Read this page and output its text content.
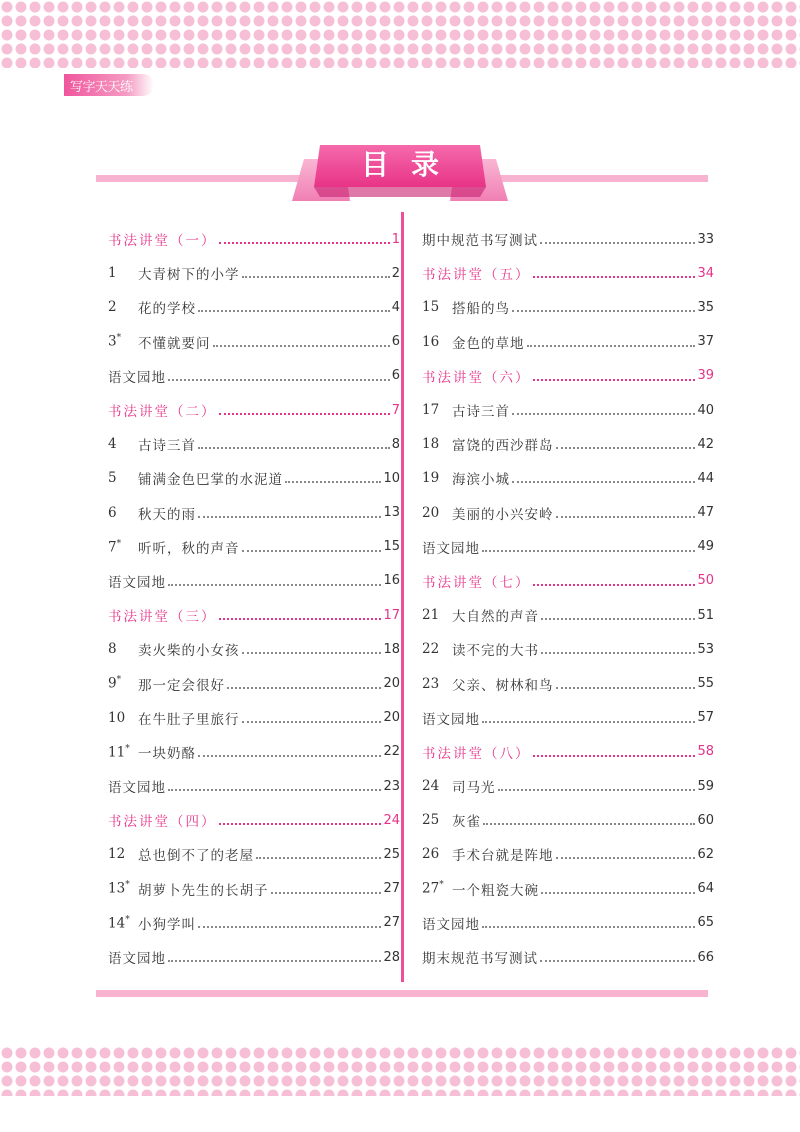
写字天天练
目录
书法讲堂（一）	1
1	大青树下的小学	2
2	花的学校	4
3*	不懂就要问	6
语文园地	6
书法讲堂（二）	7
4	古诗三首	8
5	铺满金色巴掌的水泥道	10
6	秋天的雨	13
7*	听听，秋的声音	15
语文园地	16
书法讲堂（三）	17
8	卖火柴的小女孩	18
9*	那一定会很好	20
10 在牛肚子里旅行	20
11* 一块奶酪	22
语文园地	23
书法讲堂（四）	24
12 总也倒不了的老屋	25
13* 胡萝卜先生的长胡子	27
14* 小狗学叫	27
语文园地	28
期中规范书写测试	33
书法讲堂（五）	34
15 搭船的鸟	35
16 金色的草地	37
书法讲堂（六）	39
17 古诗三首	40
18 富饶的西沙群岛	42
19 海滨小城	44
20 美丽的小兴安岭	47
语文园地	49
书法讲堂（七）	50
21 大自然的声音	51
22 读不完的大书	53
23 父亲、树林和鸟	55
语文园地	57
书法讲堂（八）	58
24 司马光	59
25 灰雀	60
26 手术台就是阵地	62
27* 一个粗瓷大碗	64
语文园地	65
期末规范书写测试	66
